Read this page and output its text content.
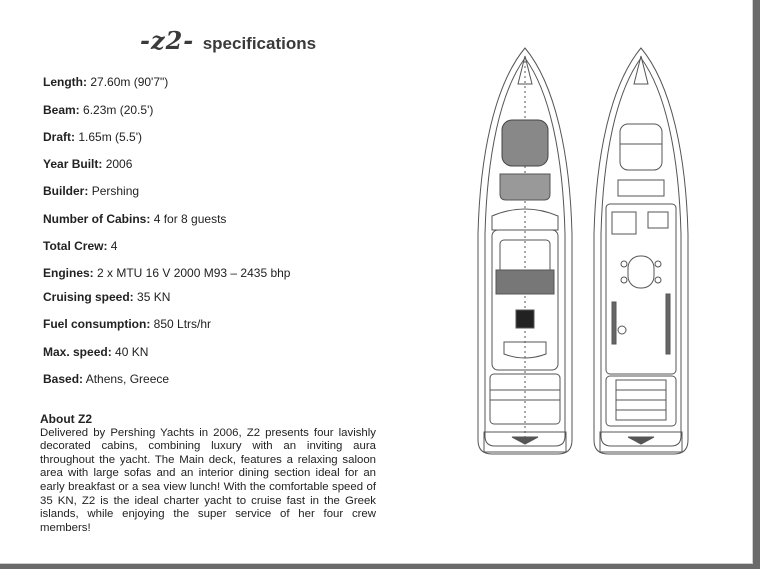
-z2- specifications
Length: 27.60m (90'7")
Beam: 6.23m (20.5')
Draft: 1.65m (5.5')
Year Built: 2006
Builder: Pershing
Number of Cabins: 4 for 8 guests
Total Crew: 4
Engines: 2 x MTU 16 V 2000 M93 – 2435 bhp
Cruising speed: 35 KN
Fuel consumption: 850 Ltrs/hr
Max. speed: 40 KN
Based: Athens, Greece
About Z2
Delivered by Pershing Yachts in 2006, Z2 presents four lavishly decorated cabins, combining luxury with an inviting aura throughout the yacht. The Main deck, features a relaxing saloon area with large sofas and an interior dining section ideal for an early breakfast or a sea view lunch! With the comfortable speed of 35 KN, Z2 is the ideal charter yacht to cruise fast in the Greek islands, while enjoying the super service of her four crew members!
